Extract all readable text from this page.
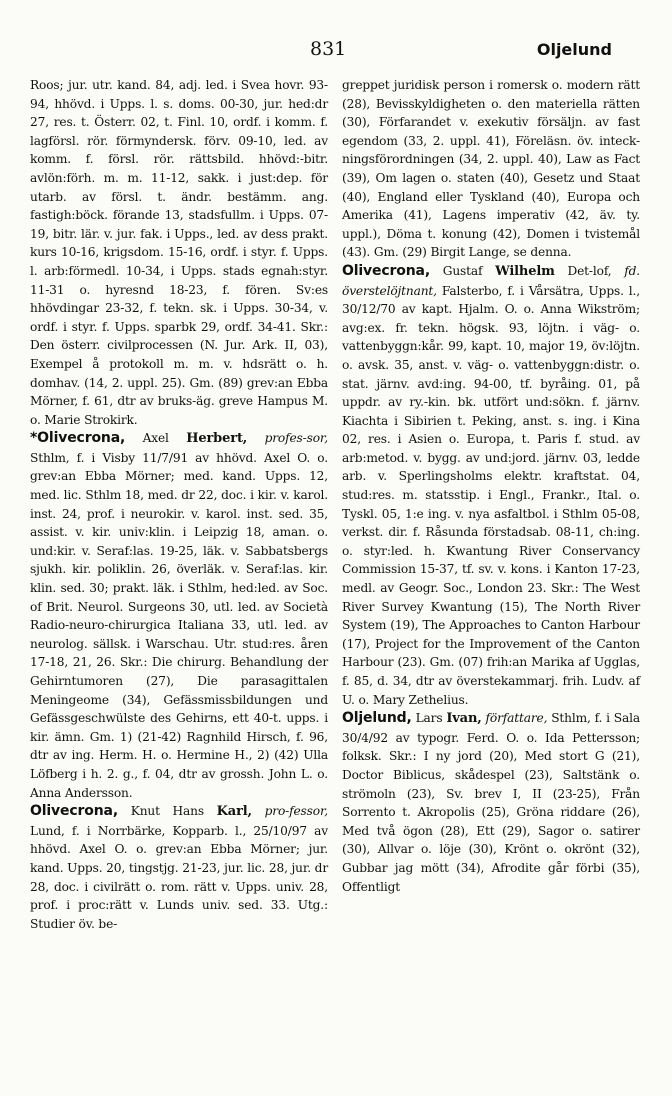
831	Oljelund

Roos; jur. utr. kand. 84, adj. led. i Svea hovr. 93-94, hhövd. i Upps. l. s. doms. 00-30, jur. hed:dr 27, res. t. Österr. 02, t. Finl. 10, ordf. i komm. f. lagförsl. rör. förmyndersk. förv. 09-10, led. av komm. f. försl. rör. rättsbild. hhövd:-bitr. avlön:förh. m. m. 11-12, sakk. i just:dep. för utarb. av försl. t. ändr. bestämm. ang. fastigh:böck. förande 13, stadsfullm. i Upps. 07-19, bitr. lär. v. jur. fak. i Upps., led. av dess prakt. kurs 10-16, krigsdom. 15-16, ordf. i styr. f. Upps. l. arb:förmedl. 10-34, i Upps. stads egnah:styr. 11-31 o. hyresnd 18-23, f. fören. Sv:es hhövdingar 23-32, f. tekn. sk. i Upps. 30-34, v. ordf. i styr. f. Upps. sparbk 29, ordf. 34-41. Skr.: Den österr. civilprocessen (N. Jur. Ark. II, 03), Exempel å protokoll m. m. v. hdsrätt o. h. domhav. (14, 2. uppl. 25). Gm. (89) grev:an Ebba Mörner, f. 61, dtr av bruks-äg. greve Hampus M. o. Marie Strokirk.

*Olivecrona, Axel Herbert, profes-sor, Sthlm, f. i Visby 11/7/91 av hhövd. Axel O. o. grev:an Ebba Mörner; med. kand. Upps. 12, med. lic. Sthlm 18, med. dr 22, doc. i kir. v. karol. inst. 24, prof. i neurokir. v. karol. inst. sed. 35, assist. v. kir. univ:klin. i Leipzig 18, aman. o. und:kir. v. Seraf:las. 19-25, läk. v. Sabbatsbergs sjukh. kir. poliklin. 26, överläk. v. Seraf:las. kir. klin. sed. 30; prakt. läk. i Sthlm, hed:led. av Soc. of Brit. Neurol. Surgeons 30, utl. led. av Società Radio-neuro-chirurgica Italiana 33, utl. led. av neurolog. sällsk. i Warschau. Utr. stud:res. åren 17-18, 21, 26. Skr.: Die chirurg. Behandlung der Gehirntumoren (27), Die parasagittalen Meningeome (34), Gefässmissbildungen und Gefässgeschwülste des Gehirns, ett 40-t. upps. i kir. ämn. Gm. 1) (21-42) Ragnhild Hirsch, f. 96, dtr av ing. Herm. H. o. Hermine H., 2) (42) Ulla Löfberg i h. 2. g., f. 04, dtr av grossh. John L. o. Anna Andersson.

Olivecrona, Knut Hans Karl, pro-fessor, Lund, f. i Norrbärke, Kopparb. l., 25/10/97 av hhövd. Axel O. o. grev:an Ebba Mörner; jur. kand. Upps. 20, tingstjg. 21-23, jur. lic. 28, jur. dr 28, doc. i civilrätt o. rom. rätt v. Upps. univ. 28, prof. i proc:rätt v. Lunds univ. sed. 33. Utg.: Studier öv. be-

greppet juridisk person i romersk o. modern rätt (28), Bevisskyldigheten o. den materiella rätten (30), Förfarandet v. exekutiv försäljn. av fast egendom (33, 2. uppl. 41), Föreläsn. öv. inteck-ningsförordningen (34, 2. uppl. 40), Law as Fact (39), Om lagen o. staten (40), Gesetz und Staat (40), England eller Tyskland (40), Europa och Amerika (41), Lagens imperativ (42, äv. ty. uppl.), Döma t. konung (42), Domen i tvistemål (43). Gm. (29) Birgit Lange, se denna.

Olivecrona, Gustaf Wilhelm Det-lof, fd. överstelöjtnant, Falsterbo, f. i Vårsätra, Upps. l., 30/12/70 av kapt. Hjalm. O. o. Anna Wikström; avg:ex. fr. tekn. högsk. 93, löjtn. i väg- o. vattenbyggn:kår. 99, kapt. 10, major 19, öv:löjtn. o. avsk. 35, anst. v. väg- o. vattenbyggn:distr. o. stat. järnv. avd:ing. 94-00, tf. byråing. 01, på uppdr. av ry.-kin. bk. utfört und:sökn. f. järnv. Kiachta i Sibirien t. Peking, anst. s. ing. i Kina 02, res. i Asien o. Europa, t. Paris f. stud. av arb:metod. v. bygg. av und:jord. järnv. 03, ledde arb. v. Sperlingsholms elektr. kraftstat. 04, stud:res. m. statsstip. i Engl., Frankr., Ital. o. Tyskl. 05, 1:e ing. v. nya asfaltbol. i Sthlm 05-08, verkst. dir. f. Råsunda förstadsab. 08-11, ch:ing. o. styr:led. h. Kwantung River Conservancy Commission 15-37, tf. sv. v. kons. i Kanton 17-23, medl. av Geogr. Soc., London 23. Skr.: The West River Survey Kwantung (15), The North River System (19), The Approaches to Canton Harbour (17), Project for the Improvement of the Canton Harbour (23). Gm. (07) frih:an Marika af Ugglas, f. 85, d. 34, dtr av överstekammarj. frih. Ludv. af U. o. Mary Zethelius.

Oljelund, Lars Ivan, författare, Sthlm, f. i Sala 30/4/92 av typogr. Ferd. O. o. Ida Pettersson; folksk. Skr.: I ny jord (20), Med stort G (21), Doctor Biblicus, skådespel (23), Saltstänk o. strömoln (23), Sv. brev I, II (23-25), Från Sorrento t. Akropolis (25), Gröna riddare (26), Med två ögon (28), Ett (29), Sagor o. satirer (30), Allvar o. löje (30), Krönt o. okrönt (32), Gubbar jag mött (34), Afrodite går förbi (35), Offentligt
